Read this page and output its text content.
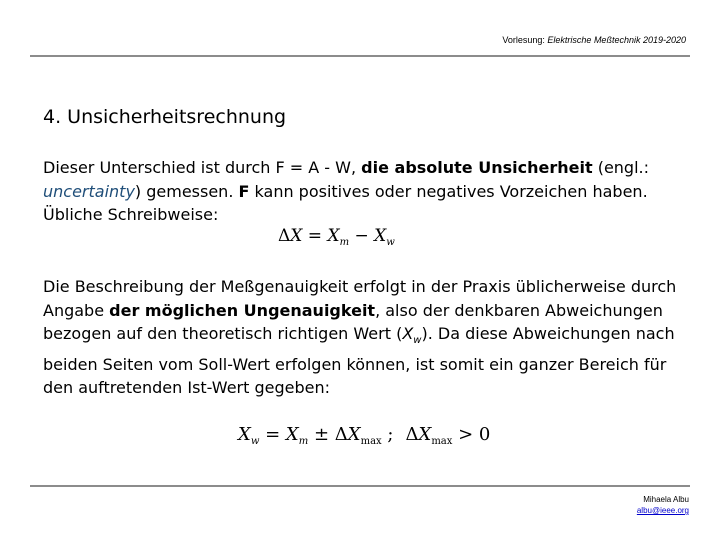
Vorlesung: Elektrische Meßtechnik 2019-2020
4. Unsicherheitsrechnung

Dieser Unterschied ist durch F = A - W, die absolute Unsicherheit (engl.: uncertainty) gemessen. F kann positives oder negatives Vorzeichen haben. Übliche Schreibweise:

$\Delta X = X_m - X_w$

Die Beschreibung der Meßgenauigkeit erfolgt in der Praxis üblicherweise durch Angabe der möglichen Ungenauigkeit, also der denkbaren Abweichungen bezogen auf den theoretisch richtigen Wert $(X_w)$. Da diese Abweichungen nach beiden Seiten vom Soll-Wert erfolgen können, ist somit ein ganzer Bereich für den auftretenden Ist-Wert gegeben:

$X_w = X_m \pm \Delta X_{max}$ ; $\Delta X_{max} > 0$
Mihaela Albu
albu@ieee.org
